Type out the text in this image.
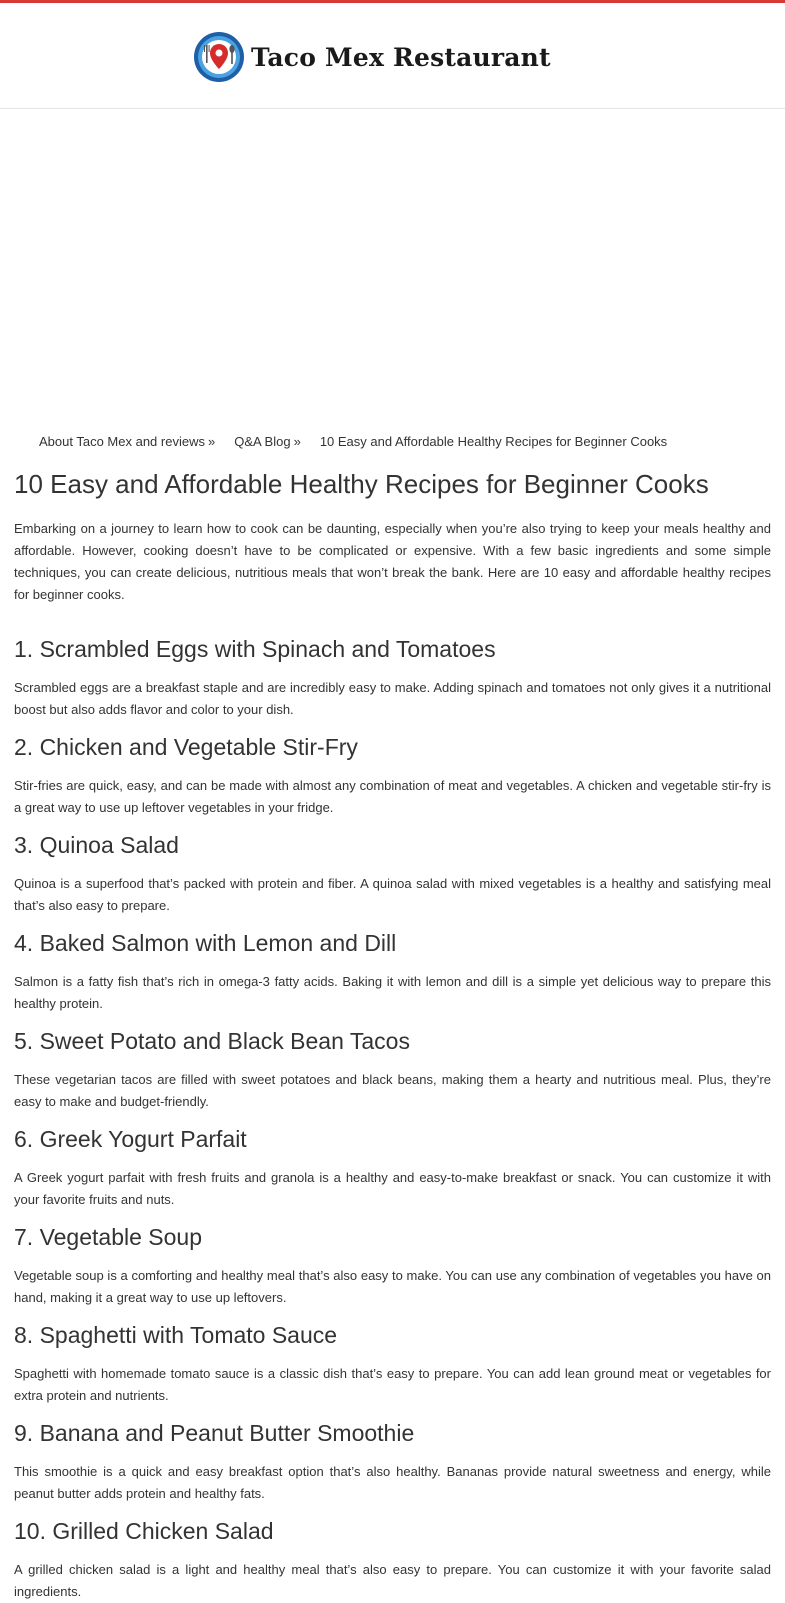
Taco Mex Restaurant
About Taco Mex and reviews » Q&A Blog » 10 Easy and Affordable Healthy Recipes for Beginner Cooks
10 Easy and Affordable Healthy Recipes for Beginner Cooks

Embarking on a journey to learn how to cook can be daunting, especially when you’re also trying to keep your meals healthy and affordable. However, cooking doesn’t have to be complicated or expensive. With a few basic ingredients and some simple techniques, you can create delicious, nutritious meals that won’t break the bank. Here are 10 easy and affordable healthy recipes for beginner cooks.

1. Scrambled Eggs with Spinach and Tomatoes

Scrambled eggs are a breakfast staple and are incredibly easy to make. Adding spinach and tomatoes not only gives it a nutritional boost but also adds flavor and color to your dish.

2. Chicken and Vegetable Stir-Fry

Stir-fries are quick, easy, and can be made with almost any combination of meat and vegetables. A chicken and vegetable stir-fry is a great way to use up leftover vegetables in your fridge.

3. Quinoa Salad

Quinoa is a superfood that’s packed with protein and fiber. A quinoa salad with mixed vegetables is a healthy and satisfying meal that’s also easy to prepare.

4. Baked Salmon with Lemon and Dill

Salmon is a fatty fish that’s rich in omega-3 fatty acids. Baking it with lemon and dill is a simple yet delicious way to prepare this healthy protein.

5. Sweet Potato and Black Bean Tacos

These vegetarian tacos are filled with sweet potatoes and black beans, making them a hearty and nutritious meal. Plus, they’re easy to make and budget-friendly.

6. Greek Yogurt Parfait

A Greek yogurt parfait with fresh fruits and granola is a healthy and easy-to-make breakfast or snack. You can customize it with your favorite fruits and nuts.

7. Vegetable Soup

Vegetable soup is a comforting and healthy meal that’s also easy to make. You can use any combination of vegetables you have on hand, making it a great way to use up leftovers.

8. Spaghetti with Tomato Sauce

Spaghetti with homemade tomato sauce is a classic dish that’s easy to prepare. You can add lean ground meat or vegetables for extra protein and nutrients.

9. Banana and Peanut Butter Smoothie

This smoothie is a quick and easy breakfast option that’s also healthy. Bananas provide natural sweetness and energy, while peanut butter adds protein and healthy fats.

10. Grilled Chicken Salad

A grilled chicken salad is a light and healthy meal that’s also easy to prepare. You can customize it with your favorite salad ingredients.
